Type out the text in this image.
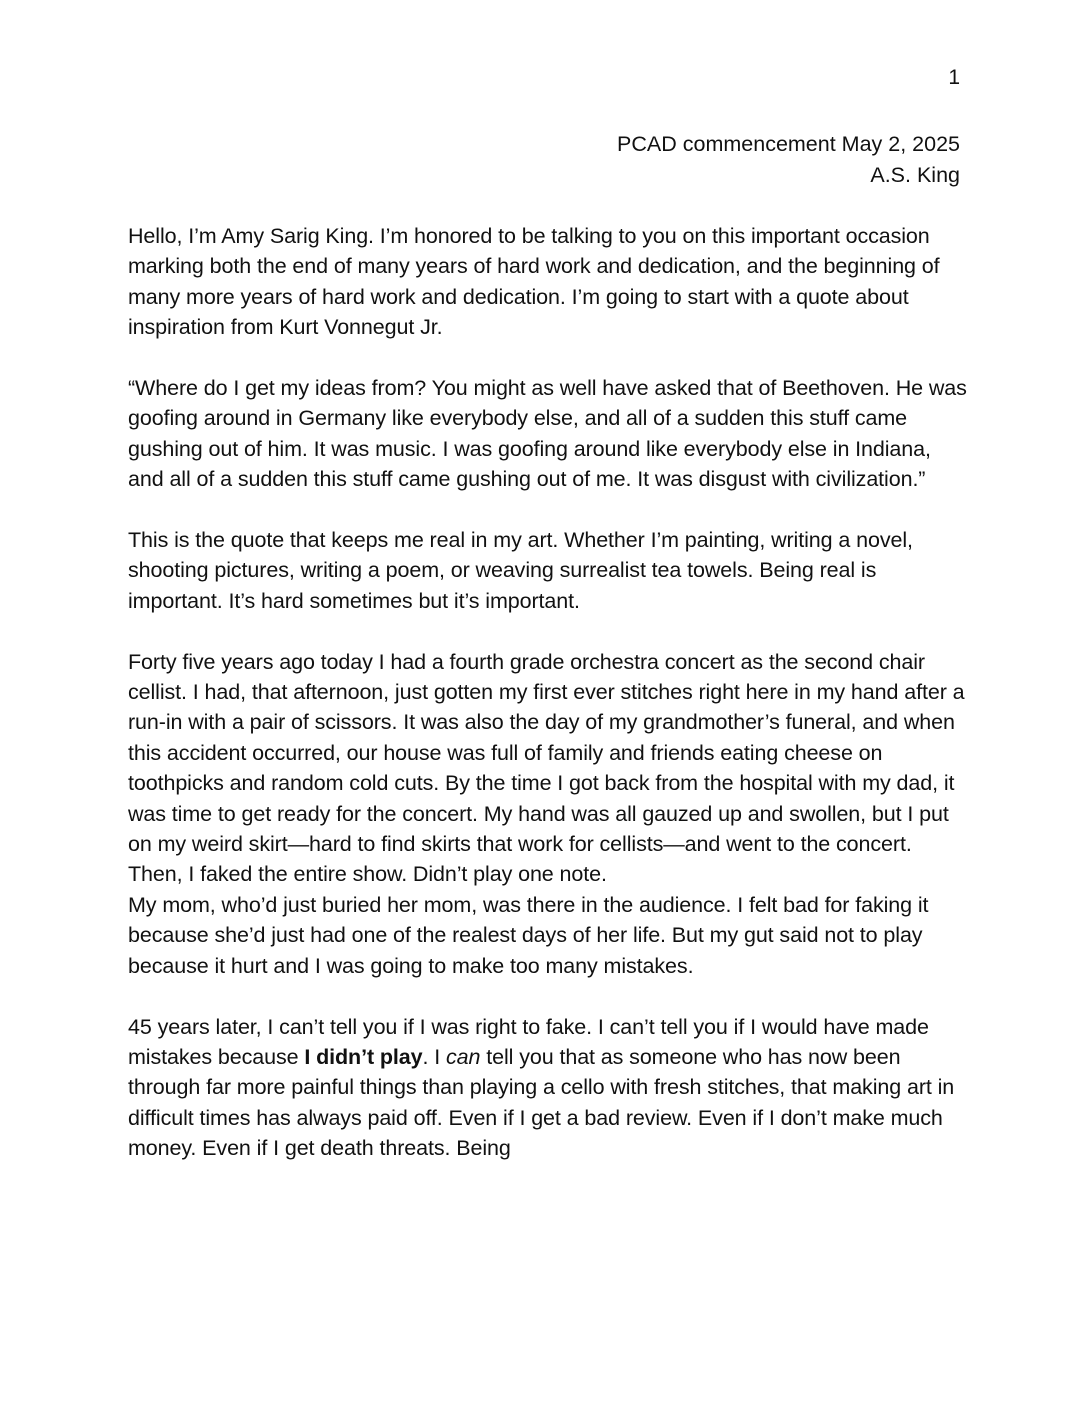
1
PCAD commencement May 2, 2025
A.S. King

Hello, I’m Amy Sarig King. I’m honored to be talking to you on this important occasion marking both the end of many years of hard work and dedication, and the beginning of many more years of hard work and dedication. I’m going to start with a quote about inspiration from Kurt Vonnegut Jr.

“Where do I get my ideas from? You might as well have asked that of Beethoven. He was goofing around in Germany like everybody else, and all of a sudden this stuff came gushing out of him. It was music. I was goofing around like everybody else in Indiana, and all of a sudden this stuff came gushing out of me. It was disgust with civilization.”

This is the quote that keeps me real in my art. Whether I’m painting, writing a novel, shooting pictures, writing a poem, or weaving surrealist tea towels. Being real is important. It’s hard sometimes but it’s important.

Forty five years ago today I had a fourth grade orchestra concert as the second chair cellist. I had, that afternoon, just gotten my first ever stitches right here in my hand after a run-in with a pair of scissors. It was also the day of my grandmother’s funeral, and when this accident occurred, our house was full of family and friends eating cheese on toothpicks and random cold cuts. By the time I got back from the hospital with my dad, it was time to get ready for the concert. My hand was all gauzed up and swollen, but I put on my weird skirt—hard to find skirts that work for cellists—and went to the concert. Then, I faked the entire show. Didn’t play one note.

My mom, who’d just buried her mom, was there in the audience. I felt bad for faking it because she’d just had one of the realest days of her life. But my gut said not to play because it hurt and I was going to make too many mistakes.

45 years later, I can’t tell you if I was right to fake. I can’t tell you if I would have made mistakes because I didn’t play. I can tell you that as someone who has now been through far more painful things than playing a cello with fresh stitches, that making art in difficult times has always paid off. Even if I get a bad review. Even if I don’t make much money. Even if I get death threats. Being
